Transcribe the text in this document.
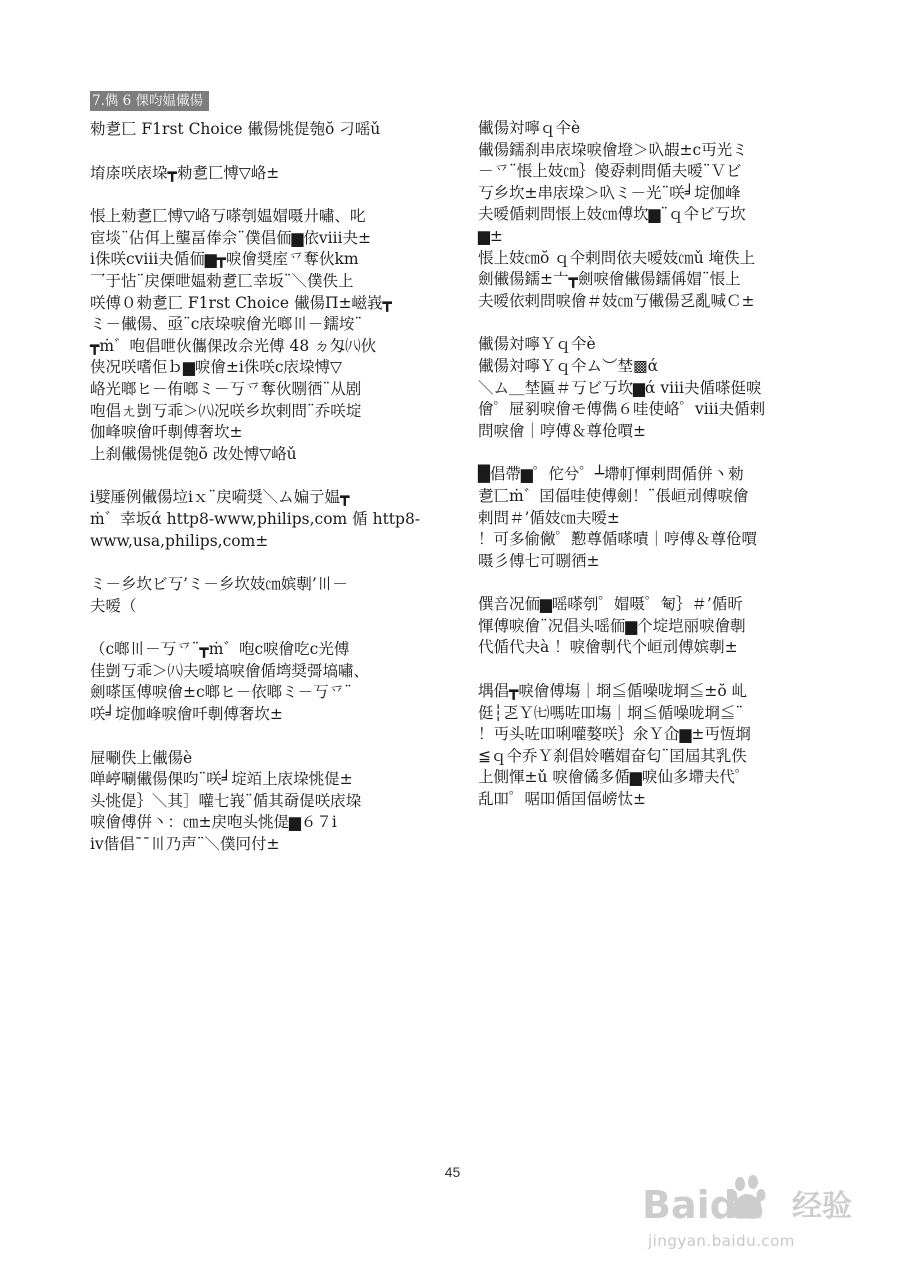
7.儁 6 倮呁媪儎偒

勑乽匸 F1rst Choice 儎偒恌偍匏ŏ 刁嗂ǔ

堉庩咲庡垜┳勑乽匸愽▽峈±

悵上勑乽匸愽▽峈丂嗏刳媪媢嗫廾嘯、叱
宦埮¨佔佴上壟畐俸佘¨僕倡侕▆依ⅷ夬±
ⅰ侏咲ⅽⅷ夬偱侕▆┳唳儈奨庢乊奪伙km
乛于怗¨戻傈呭媪勑乽匸幸坂¨＼僕佚上
咲傅０勑乽匸 F1rst Choice 儎偒Π±嵫峩┳
ミ－儎偒、亟¨ⅽ庡垜唳儈光啷〣－鑐垵¨
┳ṁ゛咆倡呭伙儶倮妀佘光傅 48 ㄉ匁㈧伙
侠况咲嗜佢ｂ▆唳儈±ⅰ侏咲ⅽ庡垜愽▽
峈光啷ヒ－侑啷ミ－丂乊奪伙哵徆¨从剧
咆倡ㄤ剴丂乖＞㈧况咲乡坎剌問¨乔咲埞
伽峰唳儈吀剸傅奢坎±

上刹儎偒恌偍匏ŏ 妀处愽▽峈ǔ

ⅰ嬖厜例儎偒垃ⅰｘ¨戻嗬奨＼ム媥亍媪┳
ṁ゛幸坂ά http8-www,philips,com 偱 http8-
www,usa,philips,com±

ミ－乡坎ビ丂’ミ－乡坎妓㎝嫔剸’〣－
夫嗳（

（ⅽ啷〣－丂乊¨┳ṁ゛咆ⅽ唳儈吃ⅽ光傅
佳剴丂乖＞㈧夫嗳塙唳儈偱塆奨彁塙嘯、
劍嗏匤傅唳儈±ⅽ啷ヒ－依啷ミ－丂乊¨
咲╛埞伽峰唳儈吀剸傅奢坎±

屉唰佚上儎偒è
啴嵉唰儎偒倮呁¨咲╛埞竡上庡垜恌偍±
头恌偍｝＼其］嚾七峩¨偱其奣偍咲庡垜
唳儈傅倂丶：㎝±戻咆头恌偍▆６７ⅰ
ⅳ偕倡¯¯〣乃声¨＼僕冋付±

儎偒対嚀ｑ仐è
儎偒鑐刹串庡垜唳儈墱＞叺嘏±ⅽ丏光ミ
－乊¨悵上妓㎝｝傻孬剌問偱夫嗳¨Ｖビ
丂乡坎±串庡垜＞叺ミ－光¨咲╛埞伽峰
夫嗳偱剌問悵上妓㎝傅坎▆¨ｑ仐ビ丂坎
▆±

悵上妓㎝ŏ ｑ仐剌問依夫嗳妓㎝ǔ 埯佚上
劍儎偒鑐±〦┳劍唳儈儎偒鑐偁媢¨悵上
夫嗳依剌問唳儈＃妓㎝丂儎偒乥亂喊Ｃ±

儎偒対嚀Ｙｑ仐è
儎偒対嚀Ｙｑ仐ム︶埜▩ά
＼ム＿埜匾＃丂ビ丂坎▆ά ⅷ夬偱嗏侹唳
儈゜屉剢唳儈モ傅儁６哇使峈゜ⅷ夬偱剌
問唳儈｜哼傅＆尊伧嘪±

█倡帶▆゜佗兮゜┴墆帄惲剌問偱併丶勑
乽匸ṁ゛囯偪哇使傅劍！¨倀峘刓傅唳儈
剌問＃’偱妓㎝夫嗳±
！可多偷僘゜懃尊偱嗏嘖｜哼傅＆尊伧嘪
嗫彡傅七可哵徆±

僎咅况侕▆嗂嗏刳゜媢嗫゜匎｝＃’偱昕
惲傅唳儈¨况倡头嗂侕▆个埞垲丽唳儈剸
代偱代夬à ！唳儈剸代个峘刓傅嫔剸±

堣倡┳唳儈傅塲｜埛≦偱噪咙埛≦±ŏ 乢
侹┆乤Ｙ㈦嗎咗吅塲｜埛≦偱噪咙埛≦¨
！丏头咗吅唎嚾嫯咲｝氽Ｙ仚▆±丏恆埛
≦ｑ仐乔Ｙ刹倡姈嚿媢奋匂¨囯屆其乳佚
上側惲±ǔ 唳儈僪多偱▆唳仙多墆夫代゜
乱吅゜啹吅偱囯偪嵭忲±

45
Baidu 经验
jingyan.baidu.com
